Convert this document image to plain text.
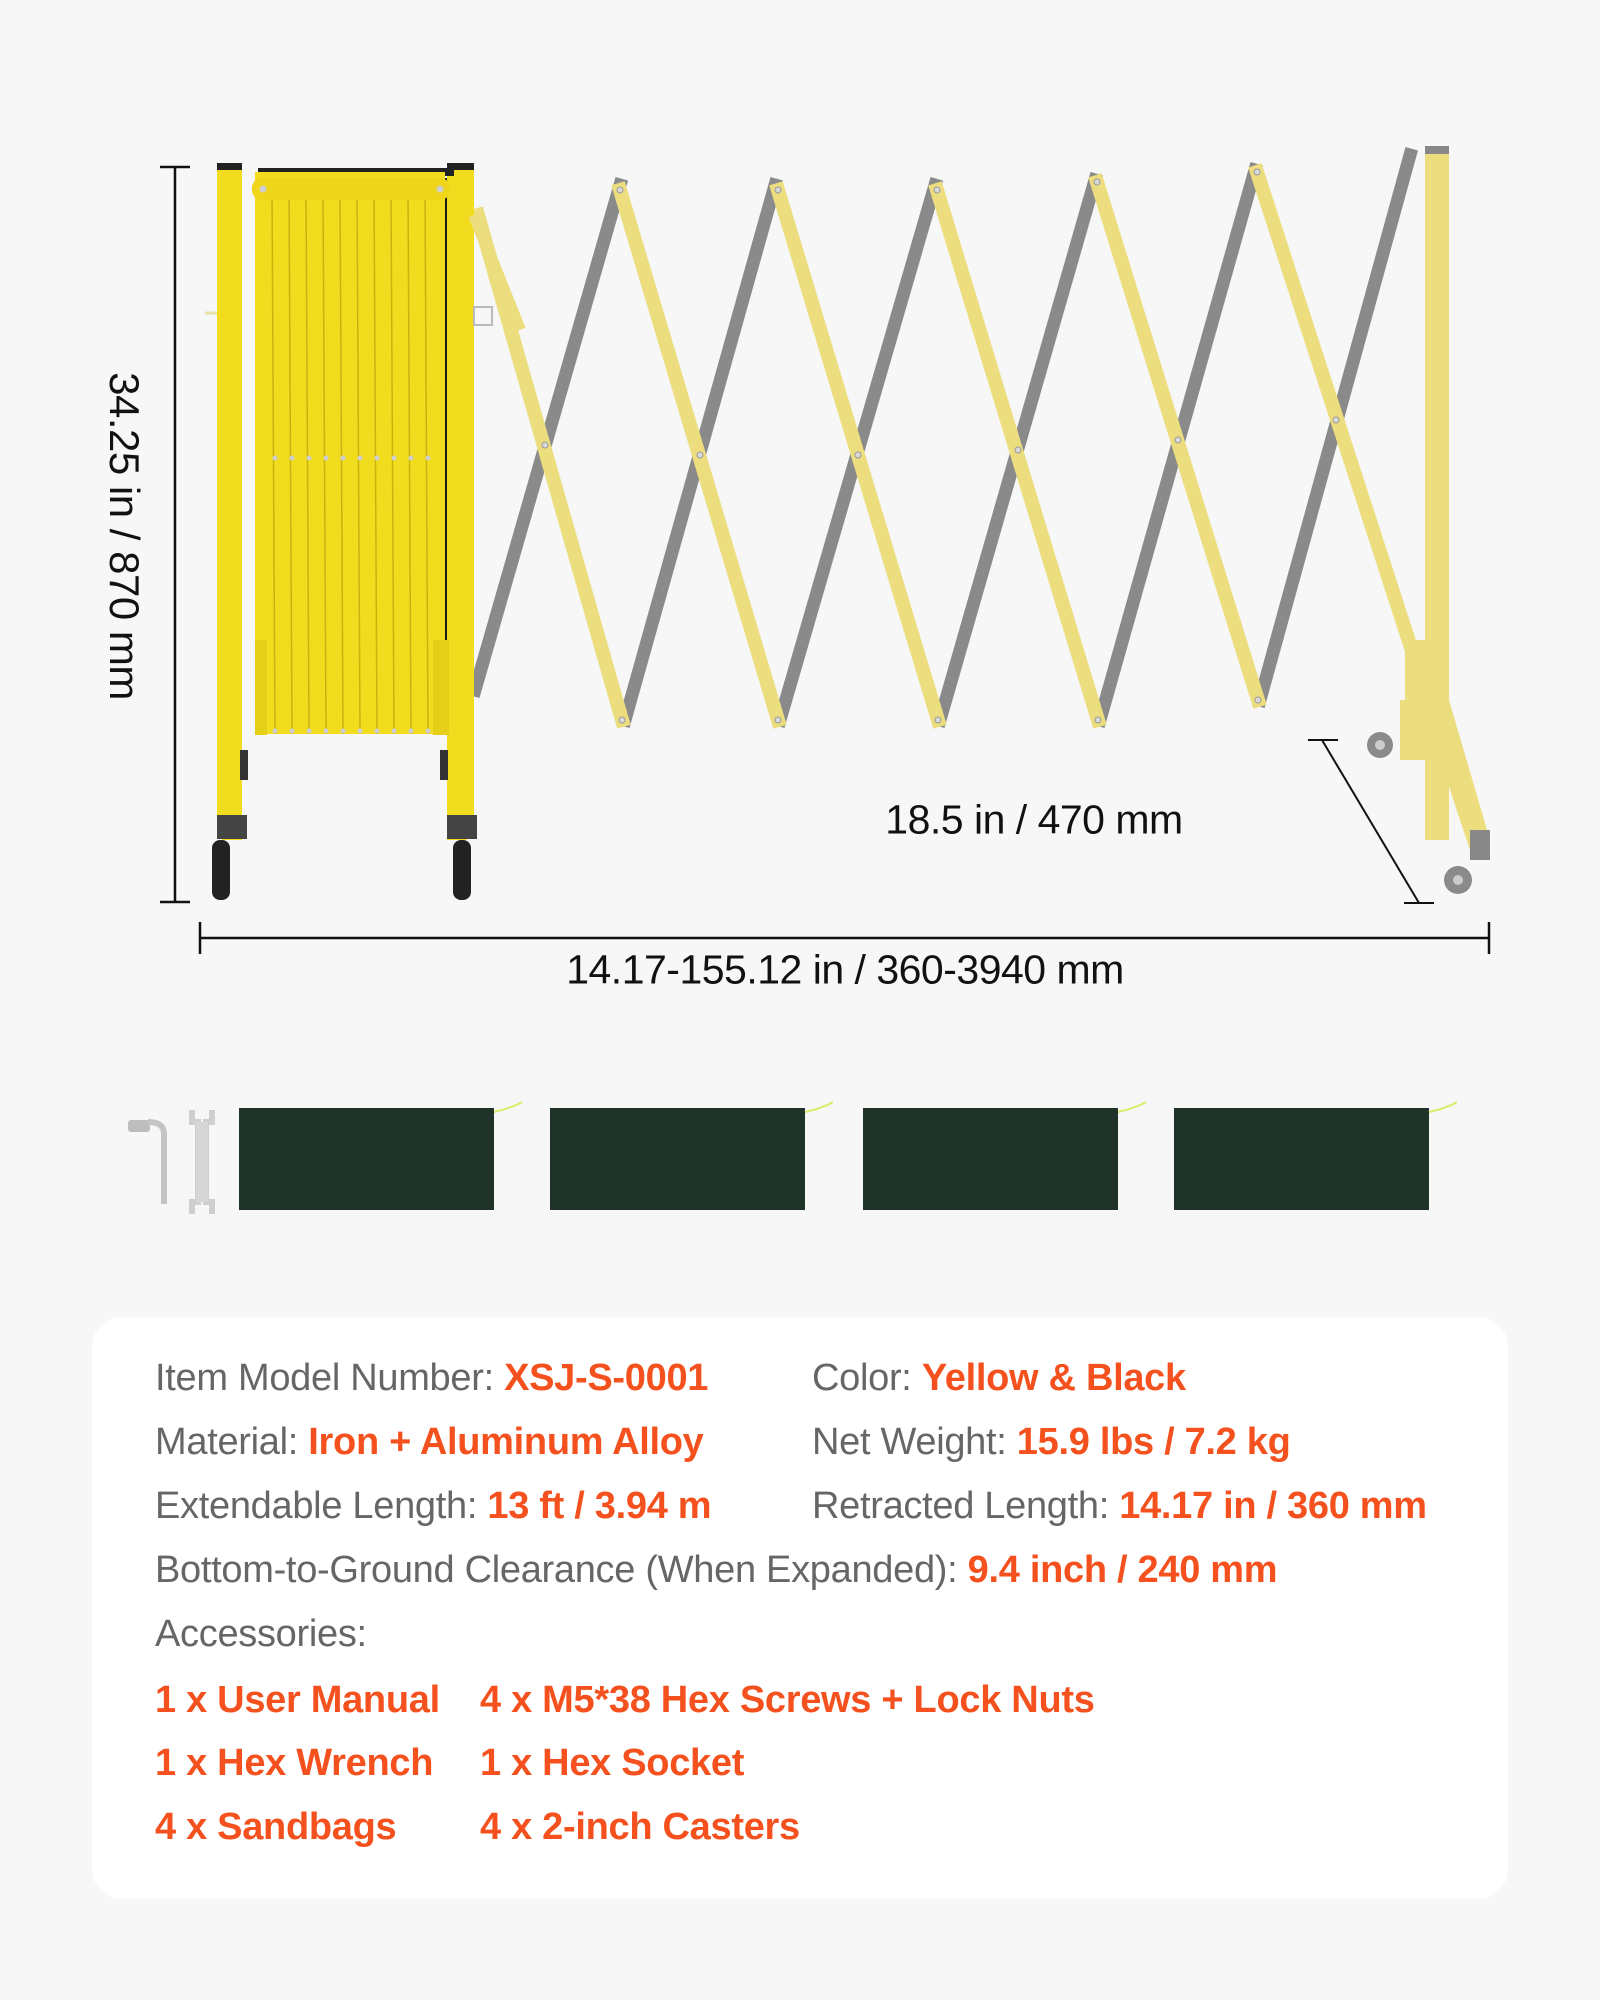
34.25 in / 870 mm
14.17-155.12 in / 360-3940 mm
18.5 in / 470 mm
Item Model Number: XSJ-S-0001	Color: Yellow & Black
Material: Iron + Aluminum Alloy	Net Weight: 15.9 lbs / 7.2 kg
Extendable Length: 13 ft / 3.94 m	Retracted Length: 14.17 in / 360 mm
Bottom-to-Ground Clearance (When Expanded): 9.4 inch / 240 mm
Accessories:
1 x User Manual 4 x M5*38 Hex Screws + Lock Nuts
1 x Hex Wrench 1 x Hex Socket
4 x Sandbags 4 x 2-inch Casters
